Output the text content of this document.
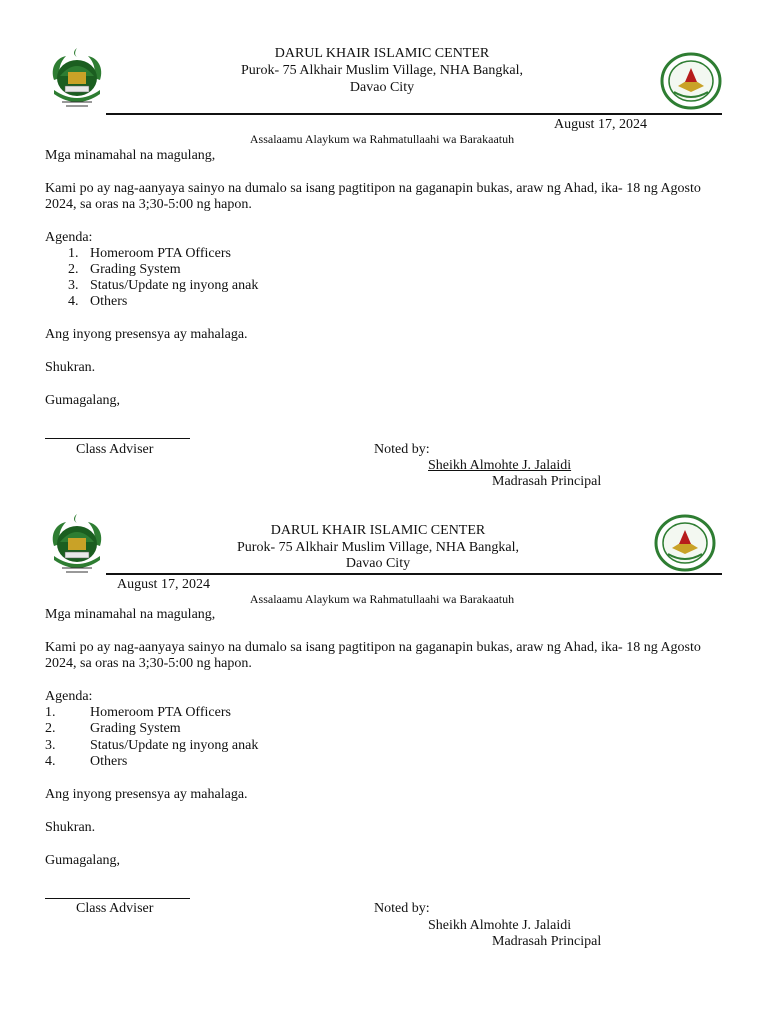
DARUL KHAIR ISLAMIC CENTER
Purok- 75 Alkhair Muslim Village, NHA Bangkal,
Davao City
August 17, 2024
Assalaamu Alaykum wa Rahmatullaahi wa Barakaatuh
Mga minamahal na magulang,
Kami po ay nag-aanyaya sainyo na dumalo sa isang pagtitipon na gaganapin bukas, araw ng Ahad, ika- 18 ng Agosto
2024, sa oras na 3;30-5:00 ng hapon.
Agenda:
1. Homeroom PTA Officers
2. Grading System
3. Status/Update ng inyong anak
4. Others
Ang inyong presensya ay mahalaga.
Shukran.
Gumagalang,
Class Adviser	Noted by:
Sheikh Almohte J. Jalaidi
Madrasah Principal
DARUL KHAIR ISLAMIC CENTER
Purok- 75 Alkhair Muslim Village, NHA Bangkal,
Davao City
August 17, 2024
Assalaamu Alaykum wa Rahmatullaahi wa Barakaatuh
Mga minamahal na magulang,
Kami po ay nag-aanyaya sainyo na dumalo sa isang pagtitipon na gaganapin bukas, araw ng Ahad, ika- 18 ng Agosto
2024, sa oras na 3;30-5:00 ng hapon.
Agenda:
1. Homeroom PTA Officers
2. Grading System
3. Status/Update ng inyong anak
4. Others
Ang inyong presensya ay mahalaga.
Shukran.
Gumagalang,
Class Adviser	Noted by:
Sheikh Almohte J. Jalaidi
Madrasah Principal
